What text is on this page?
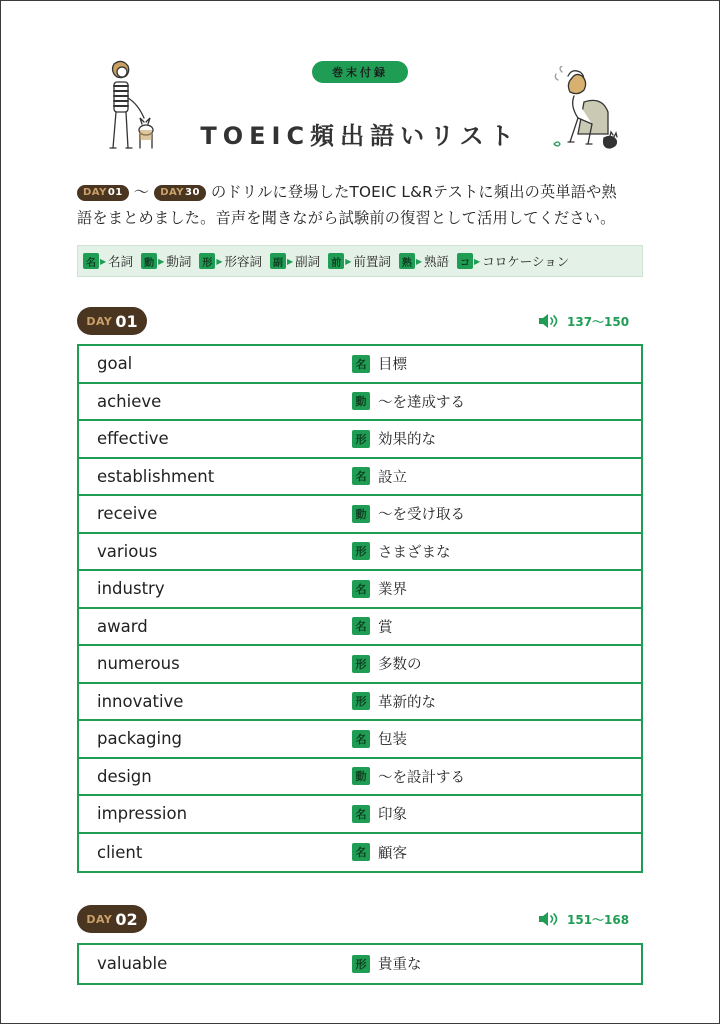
巻末付録
TOEIC頻出語いリスト
DAY 01 ～ DAY 30 のドリルに登場したTOEIC L&Rテストに頻出の英単語や熟
語をまとめました。音声を聞きながら試験前の復習として活用してください。
名 ▶ 名詞	動 ▶ 動詞	形 ▶ 形容詞	副 ▶ 副詞	前 ▶ 前置詞	熟 ▶ 熟語	コ ▶ コロケーション
DAY 01	137～150
goal	名 目標
achieve	動 ～を達成する
effective	形 効果的な
establishment	名 設立
receive	動 ～を受け取る
various	形 さまざまな
industry	名 業界
award	名 賞
numerous	形 多数の
innovative	形 革新的な
packaging	名 包装
design	動 ～を設計する
impression	名 印象
client	名 顧客
DAY 02	151～168
valuable	形 貴重な
